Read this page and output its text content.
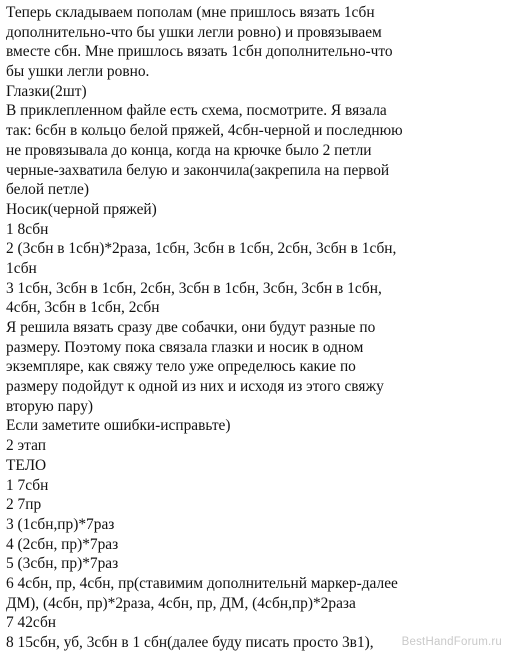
Теперь складываем пополам (мне пришлось вязать 1сбн
дополнительно-что бы ушки легли ровно) и провязываем
вместе сбн. Мне пришлось вязать 1сбн дополнительно-что
бы ушки легли ровно.
Глазки(2шт)
В приклепленном файле есть схема, посмотрите. Я вязала
так: 6сбн в кольцо белой пряжей, 4сбн-черной и последнюю
не провязывала до конца, когда на крючке было 2 петли
черные-захватила белую и закончила(закрепила на первой
белой петле)
Носик(черной пряжей)
1 8сбн
2 (3сбн в 1сбн)*2раза, 1сбн, 3сбн в 1сбн, 2сбн, 3сбн в 1сбн,
1сбн
3 1сбн, 3сбн в 1сбн, 2сбн, 3сбн в 1сбн, 3сбн, 3сбн в 1сбн,
4сбн, 3сбн в 1сбн, 2сбн
Я решила вязать сразу две собачки, они будут разные по
размеру. Поэтому пока связала глазки и носик в одном
экземпляре, как свяжу тело уже определюсь какие по
размеру подойдут к одной из них и исходя из этого свяжу
вторую пару)
Если заметите ошибки-исправьте)
2 этап
ТЕЛО
1 7сбн
2 7пр
3 (1сбн,пр)*7раз
4 (2сбн, пр)*7раз
5 (3сбн, пр)*7раз
6 4сбн, пр, 4сбн, пр(ставимим дополнительнй маркер-далее
ДМ), (4сбн, пр)*2раза, 4сбн, пр, ДМ, (4сбн,пр)*2раза
7 42сбн
8 15сбн, уб, 3сбн в 1 сбн(далее буду писать просто 3в1),	BestHandForum.ru
